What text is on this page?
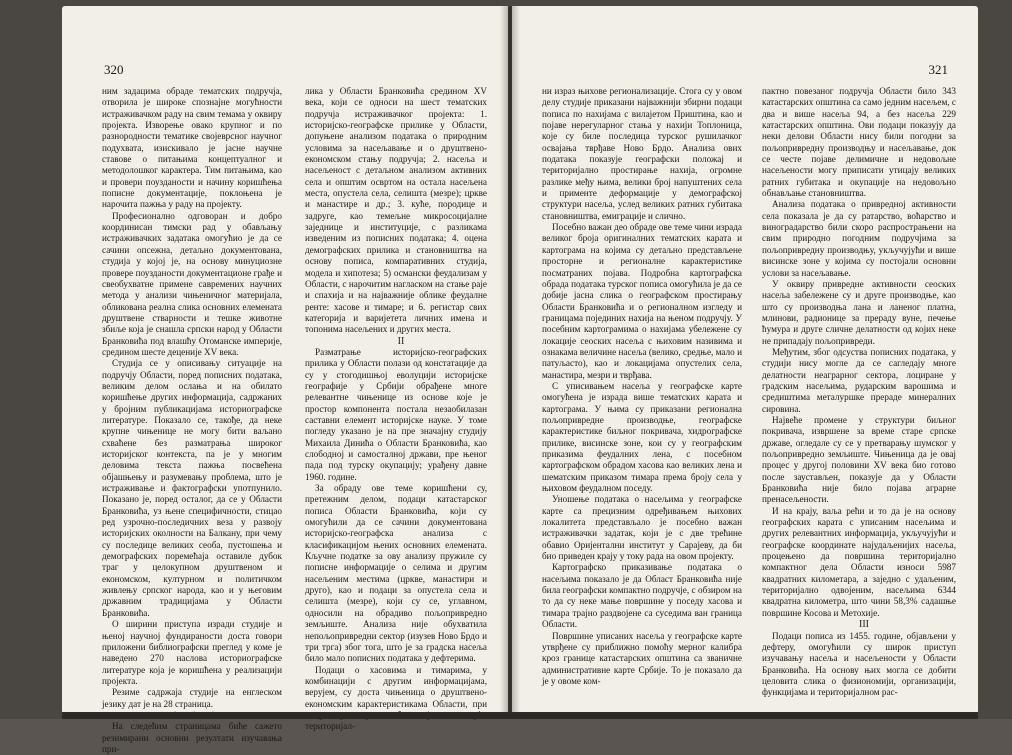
320

ним задацима обраде тематских подручја, отворила је широке спознајне могућности истраживачком раду на свим темама у оквиру пројекта. Изворење овако крупног и по разнородности тематике својеврсног научног подухвата, изискивало је јасне научне ставове о питањима концептуалног и методолошког карактера. Тим питањима, као и провери поузданости и начину коришћења пописне документације, поклоњена је нарочита пажња у раду на пројекту.

Професионално одговоран и добро координисан тимски рад у обављању истраживачких задатака омогућио је да се сачини опсежна, детаљно документована, студија у којој је, на основу минуциозне провере поузданости документационе грађе и свеобухватне примене савремених научних метода у анализи чињеничног материјала, обликована реална слика основних елемената друштвене стварности и тешке животне збиље која је снашла српски народ у Области Бранковића под влашћу Отоманске империје, средином шесте деценије XV века.

Студија се у описивању ситуације на подручју Области, поред пописних података, великим делом ослања и на обилато коришћење других информација, садржаних у бројним публикацијама историографске литературе. Показало се, такође, да неке крупне чињенице не могу бити ваљано схваћене без разматрања широког историјског контекста, па је у многим деловима текста пажња посвећена објашњењу и разумевању проблема, што је истраживање и фактографски употпунило. Показано је, поред осталог, да се у Области Бранковића, уз њене специфичности, стицао ред узрочно-последичних веза у развоју историјских околности на Балкану, при чему су последице великих сеоба, пустошења и демографских поремећаја оставиле дубок траг у целокупном друштвеном и економском, културном и политичком живлењу српског народа, као и у његовим државним традицијама у Области Бранковића.

О ширини приступа изради студије и њеној научној фундираности доста говори приложени библиографски преглед у коме је наведено 270 наслова историографске литературе која је коришћена у реализацији пројекта.

Резиме садржаја студије на енглеском језику дат је на 28 страница.

На следећим страницама биће сажето резимирани основни резултати изучавања при-

лика у Области Бранковића средином XV века, који се односи на шест тематских подручја истраживачког пројекта: 1. историјско-географске прилике у Области, допуњене анализом података о природним условима за насељавање и о друштвено-економском стању подручја; 2. насеља и насељеност с детаљном анализом активних села и општим освртом на остала насељена места, опустела села, селишта (мезре); цркве и манастире и др.; 3. куће, породице и задруге, као темељне микросоцијалне заједнице и институције, с разликама изведеним из пописних података; 4. оцена демографских прилика и становништва на основу пописа, компаративних студија, модела и хипотеза; 5) османски феудализам у Области, с нарочитим нагласком на стање раје и спахија и на најважније облике феудалне ренте: хасове и тимаре; и 6. регистар свих категорија и варијетета личних имена и топонима насељених и других места.

II

Разматрање историјско-географских прилика у Области полази од констатације да су у стогодишњој еволуцији историјске географије у Србији обрађене многе релевантне чињенице из основе које је простор компонента постала незаобилазан саставни елемент историјске науке. У томе погледу указано је на пре значајну студију Михаила Динића о Области Бранковића, као слободној и самосталној држави, пре њеног пада под турску окупацију; урађену давне 1960. године.

За обраду ове теме коришћени су, претежним делом, подаци катастарског пописа Области Бранковића, који су омогућили да се сачини документована историјско-географска анализа с класификацијом њених основних елемената. Кључне податке за ову анализу пружиле су пописне информације о селима и другим насељеним местима (цркве, манастири и друго), као и подаци за опустела села и селишта (мезре), који су се, углавном, односили на обрадиво пољопривредно земљиште. Анализа није обухватила непољопривредни сектор (изузев Ново Брдо и три трга) због тога, што је за градска насеља било мало пописних података у дефтерима.

Подаци о хасовима и тимарима, у комбинацији с другим информацијама, верујем, су доста чињеница о друштвено-економским карактеристикама Области, при територијал-

321

ни израз њихове регионализације. Стога су у овом делу студије приказани најважнији збирни подаци пописа по нахијама с вилајетом Приштина, као и појаве нерегуларног стања у нахији Топлоница, које су биле последица турског рушилачког освајања тврђаве Ново Брдо. Анализа ових података показује географски положај и територијално простирање нахија, огромне разлике међу њима, велики број напуштених села и применте деформације у демографској структури насеља, услед великих ратних губитака становништва, емиграције и слично.

Посебно важан део обраде ове теме чини израда великог броја оригиналних тематских карата и картограма на којима су детаљно представљене просторне и регионалне карактеристике посматраних појава. Подробна картографска обрада података турског пописа омогућила је да се добије јасна слика о географском простирању Области Бранковића и о регионалном изгледу и границама појединих нахија на њеном подручју. У посебним картограмима о нахијама убележене су локације сеоских насеља с њиховим називима и ознакама величине насеља (велико, средње, мало и патуљасто), као и локацијама опустелих села, манастира, мезри и тврђава.

С уписивањем насеља у географске карте омогућена је израда више тематских карата и картограма. У њима су приказани регионална пољопривредне производње, географске карактеристике биљног покривача, хидрографске прилике, висинске зоне, кои су у географским приказима феудалних лена, с посебном картографском обрадом хасова као великих лена и шематским приказом тимара према броју села у њиховом феудалном поседу.

Уношење података о насељима у географске карте са прецизним одређивањем њихових локалитета представљало је посебно важан истраживачки задатак, који је с две трећине обавио Оријентални институт у Сарајеву, да би био приведен крају у току рада на овом пројекту.

Картографско приказивање података о насељима показало је да Област Бранковића није била географски компактно подручје, с обзиром на то да су неке мање површине у поседу хасова и тимара трајно раздвојене са суседима ван граница Области.

Површине уписаних насеља у географске карте утврђене су приближно помоћу мерног калибра кроз границе катастарских општина са званичне административне карте Србије. То је показало да је у овоме ком-

пактно повезаног подручја Области било 343 катастарских општина са само једним насељем, с два и више насеља 94, а без насеља 229 катастарских општина. Ови подаци показују да неки делови Области нису били погодни за пољопривредну производњу и насељавање, док се честе појаве делимичне и недовољне насељености могу приписати утицају великих ратних губитака и окупације на недовољно обнављање становништва.

Анализа података о привредној активности села показала је да су ратарство, воћарство и виноградарство били скоро распрострањени на свим природно погодним подручјима за пољопривредну производњу, укључујући и више висинске зоне у којима су постојали основни услови за насељавање.

У оквиру привредне активности сеоских насеља забележене су и друге производње, као што су производња лана и ланеног платна, млинови, радионице за прераду вуне, печење ћумура и друге сличне делатности од којих неке не припадају пољопривреди.

Међутим, због одсуства пописних података, у студији нису могле да се сагледају многе делатности неаграрног сектора, лоциране у градским насељима, рударским варошима и средиштима металуршке прераде минералних сировина.

Највеће промене у структури биљног покривача, извршене за време старе српске државе, огледале су се у претварању шумског у пољопривредно земљиште. Чињеница да је овај процес у другој половини XV века био готово после заустављен, показује да у Области Бранковића није било појава аграрне пренасељености.

И на крају, ваља рећи и то да је на основу географских карата с уписаним насељима и других релевантних информација, укључујући и географске координате најудаљенијих насеља, процењено да површина територијално компактног дела Области износи 5987 квадратних километара, а заједно с удаљеним, територијално одвојеним, насељима 6344 квадратна километра, што чини 58,3% садашње површине Косова и Метохије.

III

Подаци пописа из 1455. године, објављени у дефтеру, омогућили су широк приступ изучавању насеља и насељености у Области Бранковића. На основу њих могла се добити целовита слика о физиономији, организацији, функцијама и територијалном рас-
